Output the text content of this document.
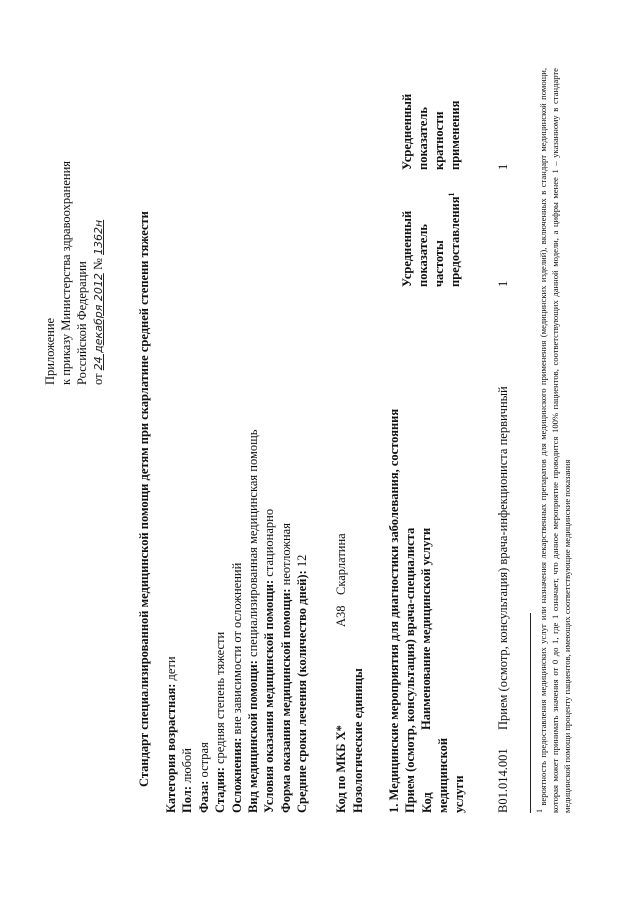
Приложение к приказу Министерства здравоохранения Российской Федерации от 24 декабря 2012 № 1362н	Стандарт специализированной медицинской помощи детям при скарлатине средней степени тяжести Категория возрастная: дети
Пол: любой
Фаза: острая
Стадия: средняя степень тяжести
Осложнения: вне зависимости от осложнений Вид медицинской помощи: специализированная медицинская помощь
Условия оказания медицинской помощи: стационарно
Форма оказания медицинской помощи: неотложная
Средние сроки лечения (количество дней): 12
Код по МКБ X* Нозологические единицы
A38
Скарлатина	1. Медицинские мероприятия для диагностики заболевания, состояния Прием (осмотр, консультация) врача-специалиста Код медицинской услуги
Наименование медицинской услуги
Усредненный показатель частоты предоставления$^1$
Усредненный показатель кратности применения
B01.014.001
Прием (осмотр, консультация) врача-инфекциониста первичный
1
1
1 вероятность предоставления медицинских услуг или назначения лекарственных препаратов для медицинского применения (медицинских изделий), включенных в стандарт медицинской помощи, которая может принимать значения от 0 до 1, где 1 означает, что данное мероприятие проводится 100% пациентов, соответствующих данной модели, а цифры менее 1 – указанному в стандарте медицинской помощи проценту пациентов, имеющих соответствующие медицинские показания
